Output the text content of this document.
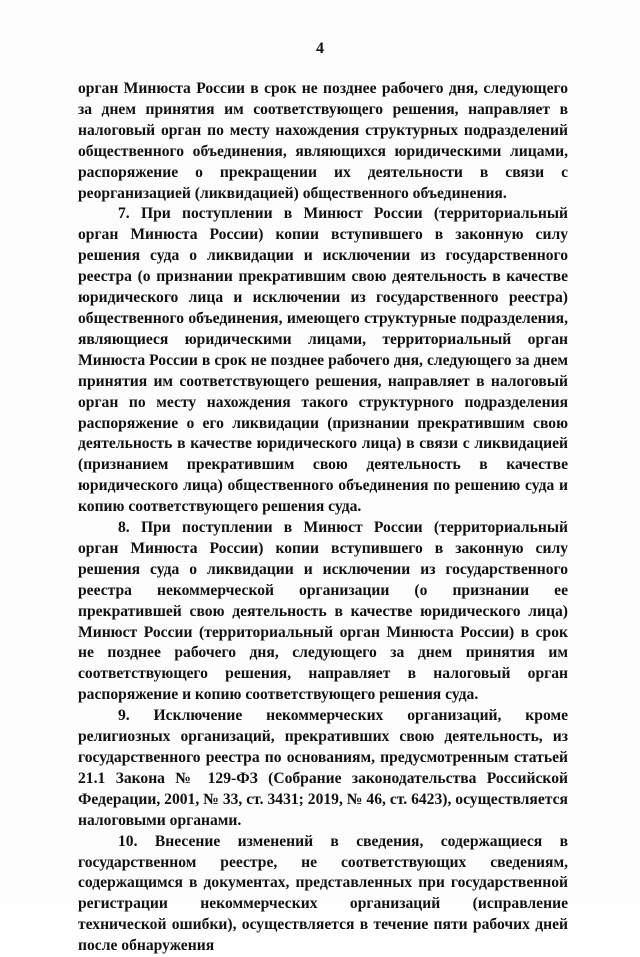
4

орган Минюста России в срок не позднее рабочего дня, следующего за днем принятия им соответствующего решения, направляет в налоговый орган по месту нахождения структурных подразделений общественного объединения, являющихся юридическими лицами, распоряжение о прекращении их деятельности в связи с реорганизацией (ликвидацией) общественного объединения.

7. При поступлении в Минюст России (территориальный орган Минюста России) копии вступившего в законную силу решения суда о ликвидации и исключении из государственного реестра (о признании прекратившим свою деятельность в качестве юридического лица и исключении из государственного реестра) общественного объединения, имеющего структурные подразделения, являющиеся юридическими лицами, территориальный орган Минюста России в срок не позднее рабочего дня, следующего за днем принятия им соответствующего решения, направляет в налоговый орган по месту нахождения такого структурного подразделения распоряжение о его ликвидации (признании прекратившим свою деятельность в качестве юридического лица) в связи с ликвидацией (признанием прекратившим свою деятельность в качестве юридического лица) общественного объединения по решению суда и копию соответствующего решения суда.

8. При поступлении в Минюст России (территориальный орган Минюста России) копии вступившего в законную силу решения суда о ликвидации и исключении из государственного реестра некоммерческой организации (о признании ее прекратившей свою деятельность в качестве юридического лица) Минюст России (территориальный орган Минюста России) в срок не позднее рабочего дня, следующего за днем принятия им соответствующего решения, направляет в налоговый орган распоряжение и копию соответствующего решения суда.

9. Исключение некоммерческих организаций, кроме религиозных организаций, прекративших свою деятельность, из государственного реестра по основаниям, предусмотренным статьей 21.1 Закона № 129-ФЗ (Собрание законодательства Российской Федерации, 2001, № 33, ст. 3431; 2019, № 46, ст. 6423), осуществляется налоговыми органами.

10. Внесение изменений в сведения, содержащиеся в государственном реестре, не соответствующих сведениям, содержащимся в документах, представленных при государственной регистрации некоммерческих организаций (исправление технической ошибки), осуществляется в течение пяти рабочих дней после обнаружения
